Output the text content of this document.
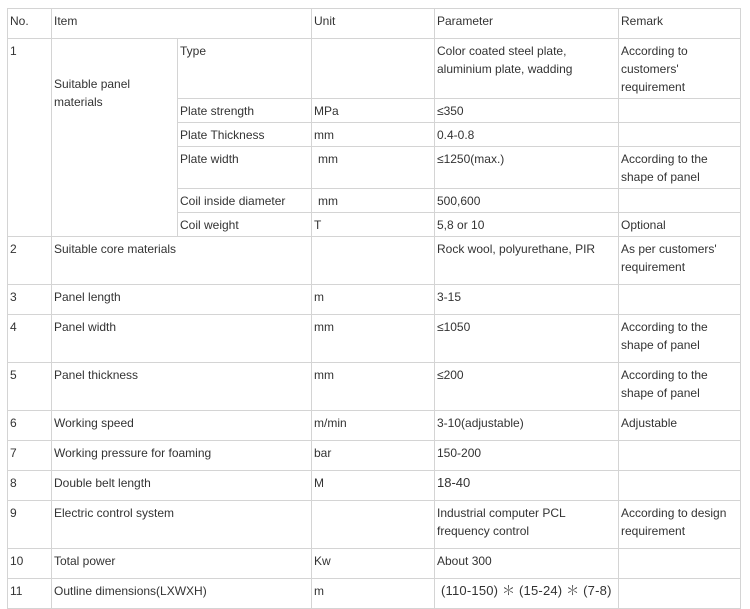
No.	Item		Unit	Parameter	Remark
1	Suitable panel materials	Type		Color coated steel plate, aluminium plate, wadding	According to customers' requirement
		Plate strength	MPa	≤350	
		Plate Thickness	mm	0.4-0.8	
		Plate width	mm	≤1250(max.)	According to the shape of panel
		Coil inside diameter	mm	500,600	
		Coil weight	T	5,8 or 10	Optional
2	Suitable core materials			Rock wool, polyurethane, PIR	As per customers' requirement
3	Panel length		m	3-15	
4	Panel width		mm	≤1050	According to the shape of panel
5	Panel thickness		mm	≤200	According to the shape of panel
6	Working speed		m/min	3-10(adjustable)	Adjustable
7	Working pressure for foaming		bar	150-200	
8	Double belt length		M	18-40	
9	Electric control system			Industrial computer PCL frequency control	According to design requirement
10	Total power		Kw	About 300	
11	Outline dimensions(LXWXH)		m	(110-150) ＊ (15-24) ＊ (7-8)	
